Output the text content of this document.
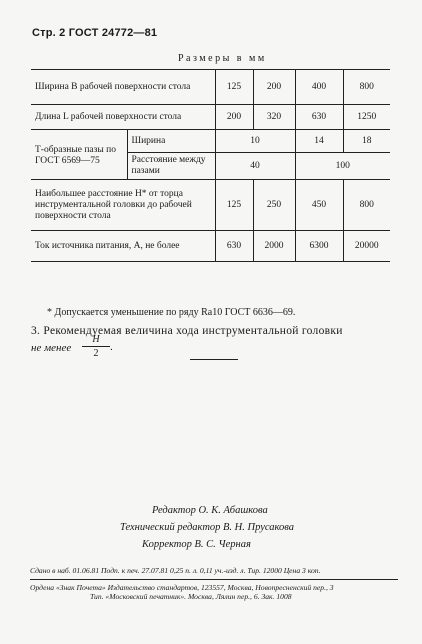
Стр. 2 ГОСТ 24772—81
Размеры в мм
Ширина B рабочей поверхности стола		125	200	400	800
Длина L рабочей поверхности стола		200	320	630	1250
Т-образные пазы по ГОСТ 6569—75	Ширина	10		14	18
	Расстояние между пазами	40		100	
Наибольшее расстояние H* от торца инструментальной головки до рабочей поверхности стола		125	250	450	800
Ток источника питания, А, не более		630	2000	6300	20000
* Допускается уменьшение по ряду Ra10 ГОСТ 6636—69.
3. Рекомендуемая величина хода инструментальной головки
не менее
H
2
.
Редактор О. К. Абашкова
Технический редактор В. Н. Прусакова
Корректор В. С. Черная
Сдано в наб. 01.06.81 Подп. к печ. 27.07.81 0,25 п. л. 0,11 уч.-изд. л. Тир. 12000 Цена 3 коп.
Ордена «Знак Почета» Издательство стандартов, 123557, Москва, Новопресненский пер., 3
Тип. «Московский печатник». Москва, Лялин пер., 6. Зак. 1008
